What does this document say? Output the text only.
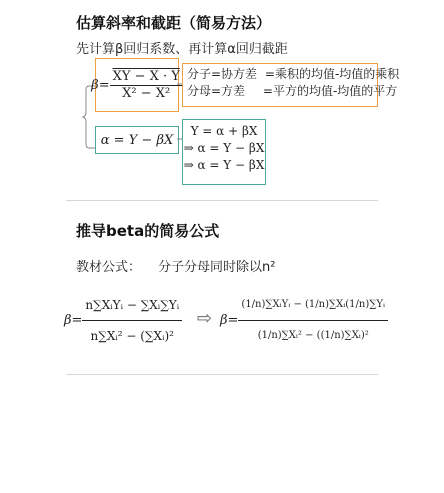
估算斜率和截距（简易方法）
先计算β回归系数、再计算α回归截距
$\beta= \frac{XY - X \cdot Y}{\text{X² − X²}}$ 分子=协方差 =乘积的均值-均值的乘积
分母=方差 =平方的均值-均值的平方
α = Y − βX
Y = α + βX
⇒ α = Y − βX
⇒ α = Y − βX
推导beta的简易公式
教材公式： 分子分母同时除以n²
$\beta= \frac{\text{n∑XᵢYᵢ − ∑Xᵢ∑Yᵢ}}{\text{n∑Xᵢ² − (∑Xᵢ)²}}$ ⇨ $\beta= \frac{\text{(1/n)∑XᵢYᵢ − (1/n)∑Xᵢ(1/n)∑Yᵢ}}{\text{(1/n)∑Xᵢ² − ((1/n)∑Xᵢ)²}}$
